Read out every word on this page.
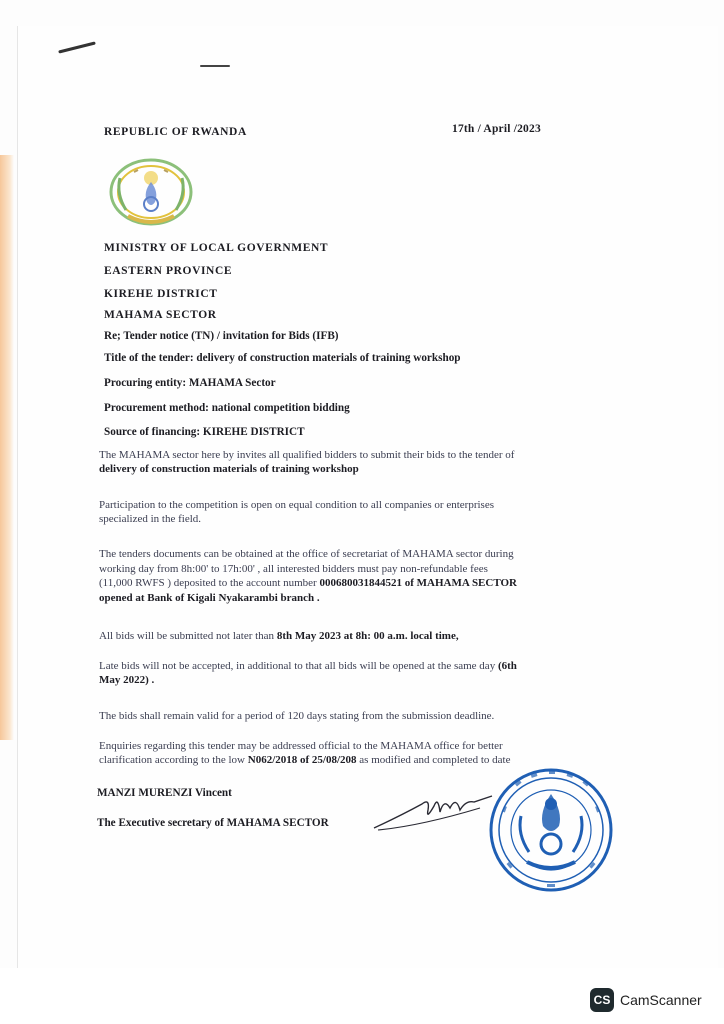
REPUBLIC OF RWANDA	17th / April /2023
MINISTRY OF LOCAL GOVERNMENT
EASTERN PROVINCE
KIREHE DISTRICT
MAHAMA SECTOR
Re; Tender notice (TN) / invitation for Bids (IFB)
Title of the tender: delivery of construction materials of training workshop
Procuring entity: MAHAMA Sector
Procurement method: national competition bidding
Source of financing: KIREHE DISTRICT
The MAHAMA sector here by invites all qualified bidders to submit their bids to the tender of
delivery of construction materials of training workshop
Participation to the competition is open on equal condition to all companies or enterprises
specialized in the field.
The tenders documents can be obtained at the office of secretariat of MAHAMA sector during
working day from 8h:00' to 17h:00' , all interested bidders must pay non-refundable fees
(11,000 RWFS ) deposited to the account number 000680031844521 of MAHAMA SECTOR
opened at Bank of Kigali Nyakarambi branch .
All bids will be submitted not later than 8th May 2023 at 8h: 00 a.m. local time,
Late bids will not be accepted, in additional to that all bids will be opened at the same day (6th
May 2022) .
The bids shall remain valid for a period of 120 days stating from the submission deadline.
Enquiries regarding this tender may be addressed official to the MAHAMA office for better
clarification according to the low N062/2018 of 25/08/208 as modified and completed to date
MANZI MURENZI Vincent
The Executive secretary of MAHAMA SECTOR
CS CamScanner
